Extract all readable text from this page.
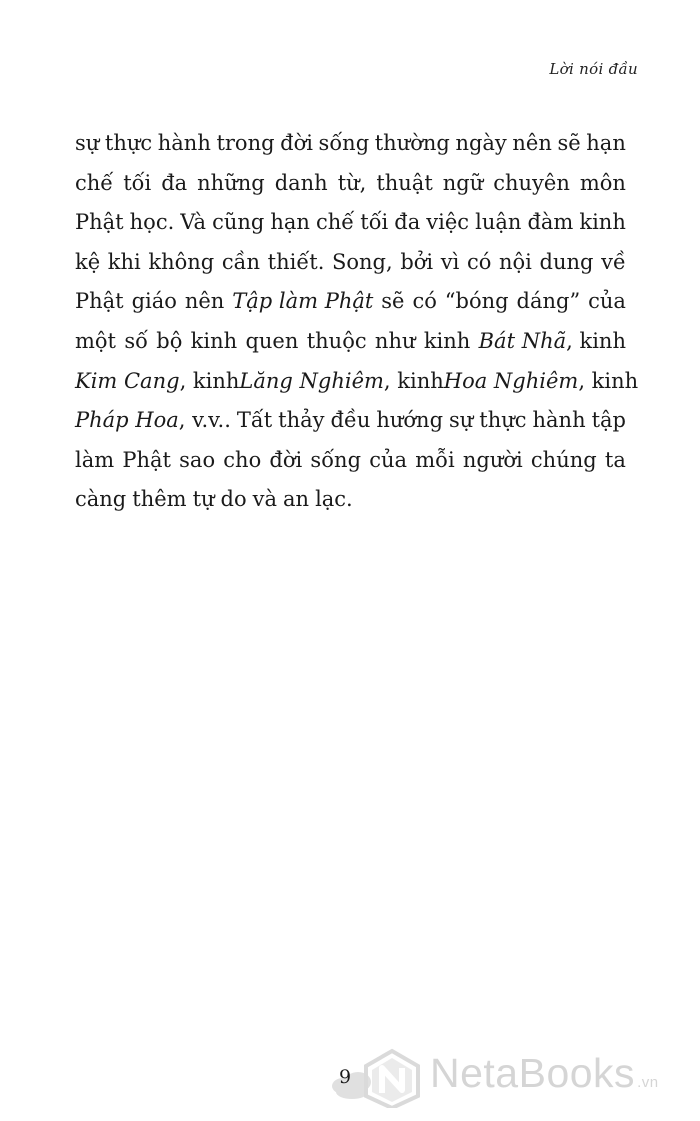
Lời nói đầu
sự thực hành trong đời sống thường ngày nên sẽ hạn
chế tối đa những danh từ, thuật ngữ chuyên môn
Phật học. Và cũng hạn chế tối đa việc luận đàm kinh
kệ khi không cần thiết. Song, bởi vì có nội dung về
Phật giáo nên Tập làm Phật sẽ có “bóng dáng” của
một số bộ kinh quen thuộc như kinh Bát Nhã, kinh
Kim Cang, kinh Lăng Nghiêm, kinh Hoa Nghiêm, kinh
Pháp Hoa, v.v.. Tất thảy đều hướng sự thực hành tập
làm Phật sao cho đời sống của mỗi người chúng ta
càng thêm tự do và an lạc.
NetaBooks .vn
9
